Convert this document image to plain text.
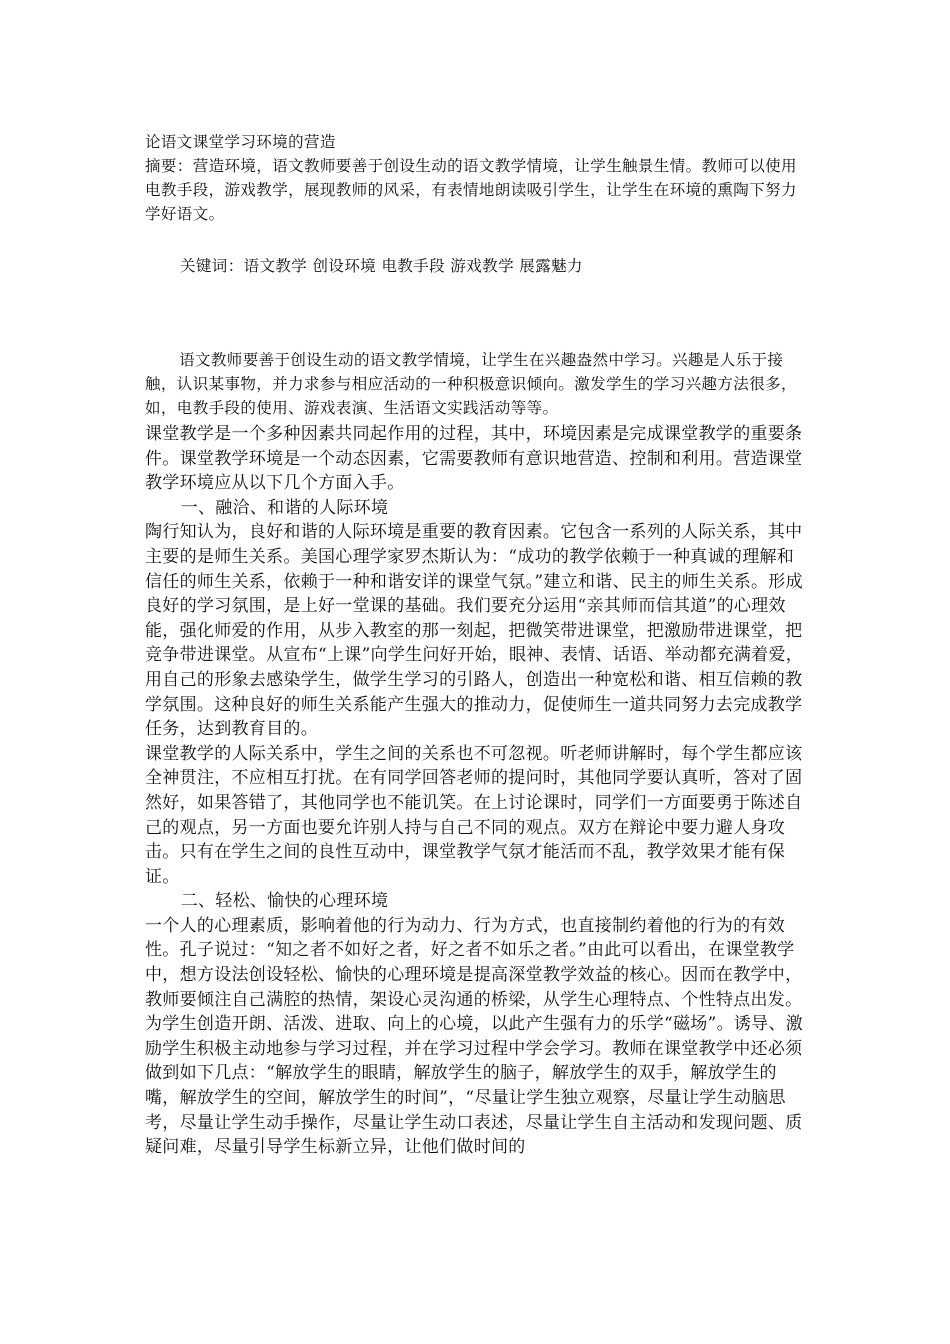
论语文课堂学习环境的营造

摘要：营造环境，语文教师要善于创设生动的语文教学情境，让学生触景生情。教师可以使用电教手段，游戏教学，展现教师的风采，有表情地朗读吸引学生，让学生在环境的熏陶下努力学好语文。

关键词：语文教学 创设环境 电教手段 游戏教学 展露魅力

语文教师要善于创设生动的语文教学情境，让学生在兴趣盎然中学习。兴趣是人乐于接触，认识某事物，并力求参与相应活动的一种积极意识倾向。激发学生的学习兴趣方法很多，如，电教手段的使用、游戏表演、生活语文实践活动等等。

课堂教学是一个多种因素共同起作用的过程，其中，环境因素是完成课堂教学的重要条件。课堂教学环境是一个动态因素，它需要教师有意识地营造、控制和利用。营造课堂教学环境应从以下几个方面入手。

一、融洽、和谐的人际环境

陶行知认为，良好和谐的人际环境是重要的教育因素。它包含一系列的人际关系，其中主要的是师生关系。美国心理学家罗杰斯认为：“成功的教学依赖于一种真诚的理解和信任的师生关系，依赖于一种和谐安详的课堂气氛。”建立和谐、民主的师生关系。形成良好的学习氛围，是上好一堂课的基础。我们要充分运用“亲其师而信其道”的心理效能，强化师爱的作用，从步入教室的那一刻起，把微笑带进课堂，把激励带进课堂，把竞争带进课堂。从宣布“上课”向学生问好开始，眼神、表情、话语、举动都充满着爱，用自己的形象去感染学生，做学生学习的引路人，创造出一种宽松和谐、相互信赖的教学氛围。这种良好的师生关系能产生强大的推动力，促使师生一道共同努力去完成教学任务，达到教育目的。

课堂教学的人际关系中，学生之间的关系也不可忽视。听老师讲解时，每个学生都应该全神贯注，不应相互打扰。在有同学回答老师的提问时，其他同学要认真听，答对了固然好，如果答错了，其他同学也不能讥笑。在上讨论课时，同学们一方面要勇于陈述自己的观点，另一方面也要允许别人持与自己不同的观点。双方在辩论中要力避人身攻击。只有在学生之间的良性互动中，课堂教学气氛才能活而不乱，教学效果才能有保证。

二、轻松、愉快的心理环境

一个人的心理素质，影响着他的行为动力、行为方式，也直接制约着他的行为的有效性。孔子说过：“知之者不如好之者，好之者不如乐之者。”由此可以看出，在课堂教学中，想方设法创设轻松、愉快的心理环境是提高深堂教学效益的核心。因而在教学中，教师要倾注自己满腔的热情，架设心灵沟通的桥梁，从学生心理特点、个性特点出发。为学生创造开朗、活泼、进取、向上的心境，以此产生强有力的乐学“磁场”。诱导、激励学生积极主动地参与学习过程，并在学习过程中学会学习。教师在课堂教学中还必须做到如下几点：“解放学生的眼睛，解放学生的脑子，解放学生的双手，解放学生的嘴，解放学生的空间，解放学生的时间”，“尽量让学生独立观察，尽量让学生动脑思考，尽量让学生动手操作，尽量让学生动口表述，尽量让学生自主活动和发现问题、质疑问难，尽量引导学生标新立异，让他们做时间的
